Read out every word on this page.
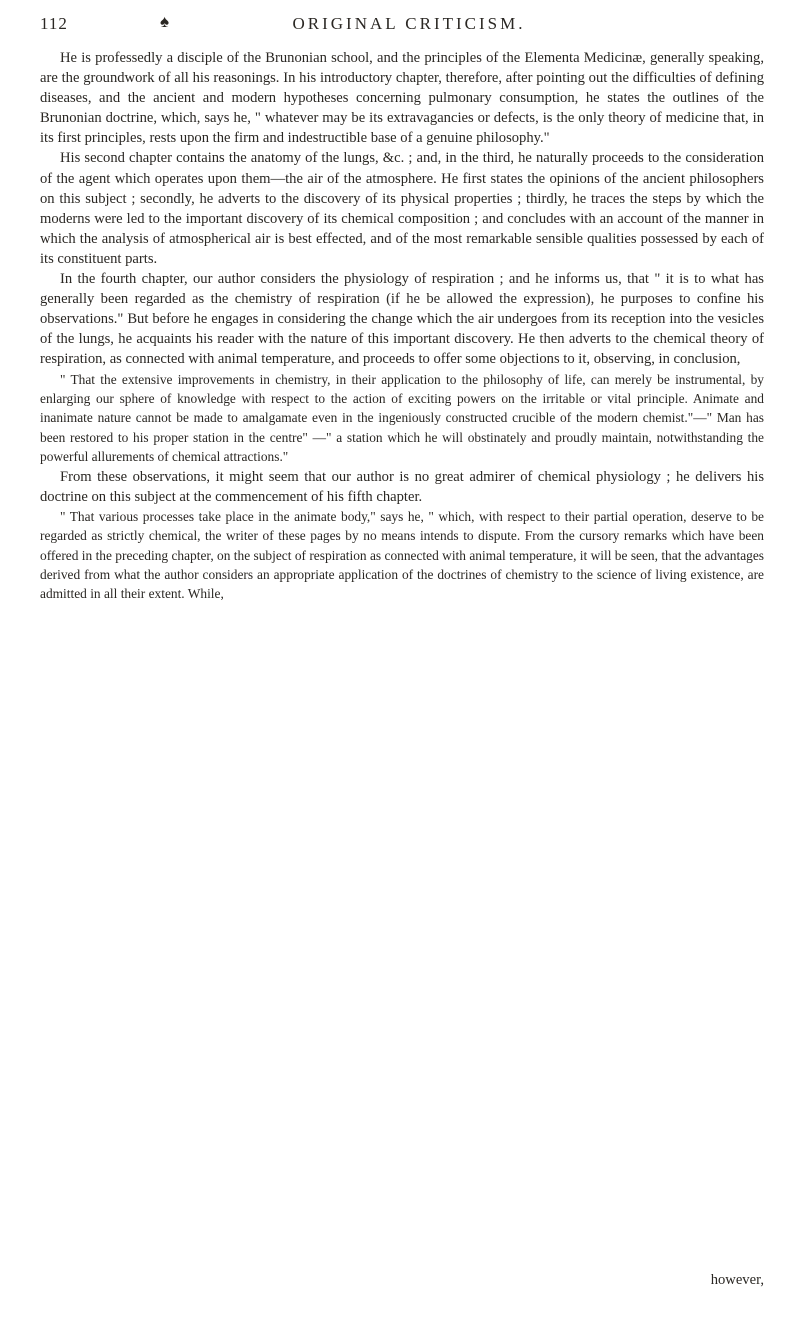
112	♠	ORIGINAL CRITICISM.

He is professedly a disciple of the Brunonian school, and the principles of the Elementa Medicinæ, generally speaking, are the groundwork of all his reasonings. In his introductory chapter, therefore, after pointing out the difficulties of defining diseases, and the ancient and modern hypotheses concerning pulmonary consumption, he states the outlines of the Brunonian doctrine, which, says he, " whatever may be its extravagancies or defects, is the only theory of medicine that, in its first principles, rests upon the firm and indestructible base of a genuine philosophy."

His second chapter contains the anatomy of the lungs, &c. ; and, in the third, he naturally proceeds to the consideration of the agent which operates upon them—the air of the atmosphere. He first states the opinions of the ancient philosophers on this subject ; secondly, he adverts to the discovery of its physical properties ; thirdly, he traces the steps by which the moderns were led to the important discovery of its chemical composition ; and concludes with an account of the manner in which the analysis of atmospherical air is best effected, and of the most remarkable sensible qualities possessed by each of its constituent parts.

In the fourth chapter, our author considers the physiology of respiration ; and he informs us, that " it is to what has generally been regarded as the chemistry of respiration (if he be allowed the expression), he purposes to confine his observations." But before he engages in considering the change which the air undergoes from its reception into the vesicles of the lungs, he acquaints his reader with the nature of this important discovery. He then adverts to the chemical theory of respiration, as connected with animal temperature, and proceeds to offer some objections to it, observing, in conclusion,

" That the extensive improvements in chemistry, in their application to the philosophy of life, can merely be instrumental, by enlarging our sphere of knowledge with respect to the action of exciting powers on the irritable or vital principle. Animate and inanimate nature cannot be made to amalgamate even in the ingeniously constructed crucible of the modern chemist."—" Man has been restored to his proper station in the centre" —" a station which he will obstinately and proudly maintain, notwithstanding the powerful allurements of chemical attractions."

From these observations, it might seem that our author is no great admirer of chemical physiology ; he delivers his doctrine on this subject at the commencement of his fifth chapter.

" That various processes take place in the animate body," says he, " which, with respect to their partial operation, deserve to be regarded as strictly chemical, the writer of these pages by no means intends to dispute. From the cursory remarks which have been offered in the preceding chapter, on the subject of respiration as connected with animal temperature, it will be seen, that the advantages derived from what the author considers an appropriate application of the doctrines of chemistry to the science of living existence, are admitted in all their extent. While,

however,
